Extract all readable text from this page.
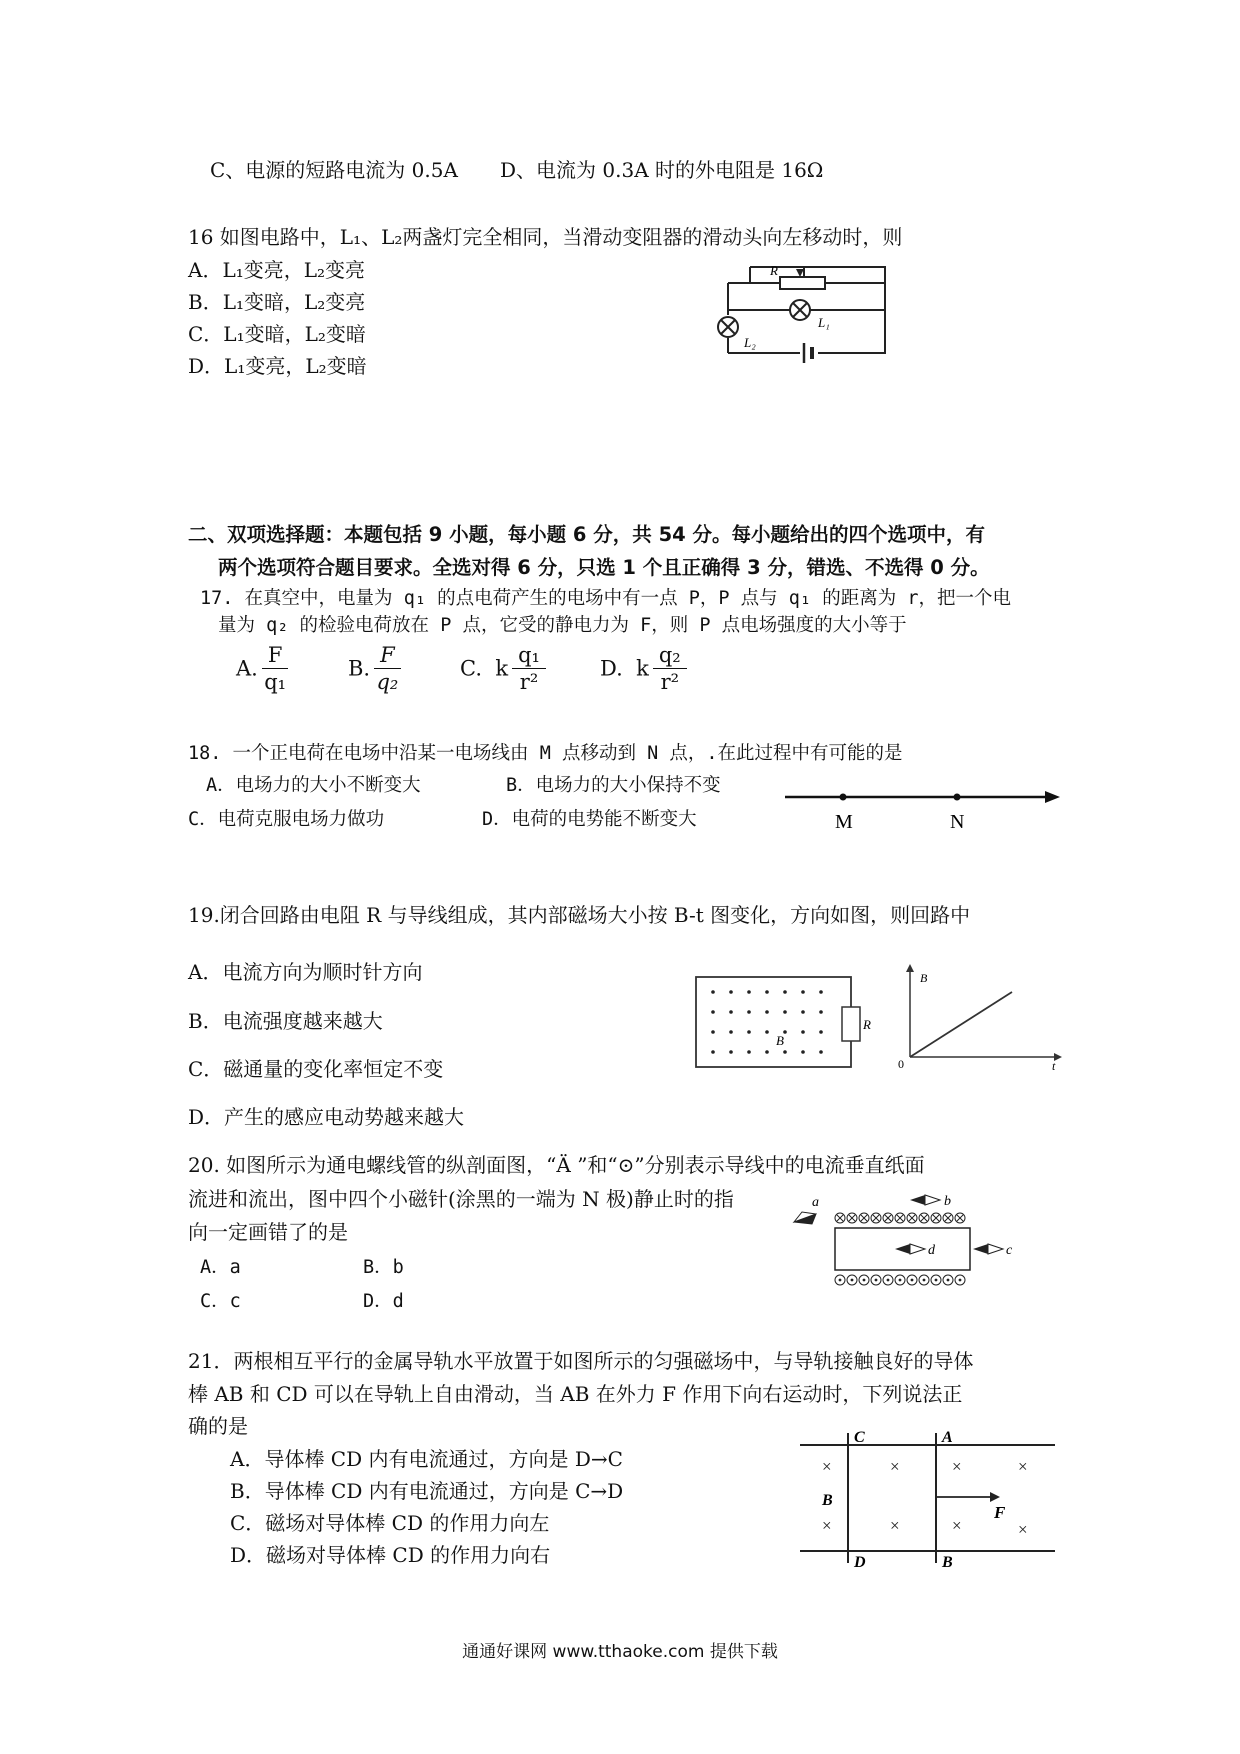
C、电源的短路电流为 0.5A D、电流为 0.3A 时的外电阻是 16Ω
16 如图电路中，L₁、L₂两盏灯完全相同，当滑动变阻器的滑动头向左移动时，则
A．L₁变亮，L₂变亮
B．L₁变暗，L₂变亮
C．L₁变暗，L₂变暗
D．L₁变亮，L₂变暗
R
L₁
L₂
二、双项选择题：本题包括 9 小题，每小题 6 分，共 54 分。每小题给出的四个选项中，有
两个选项符合题目要求。全选对得 6 分，只选 1 个且正确得 3 分，错选、不选得 0 分。
17. 在真空中，电量为 q₁ 的点电荷产生的电场中有一点 P，P 点与 q₁ 的距离为 r，把一个电
量为 q₂ 的检验电荷放在 P 点，它受的静电力为 F，则 P 点电场强度的大小等于
A. $\frac{F}{\text{q₁}}$	B. $\frac{F}{\text{q₂}}$	C. k $\frac{\text{q₁}}{\text{r²}}$	D. k $\frac{\text{q₂}}{\text{r²}}$
18. 一个正电荷在电场中沿某一电场线由 M 点移动到 N 点，.在此过程中有可能的是
A．电场力的大小不断变大	B．电场力的大小保持不变
C．电荷克服电场力做功	D．电荷的电势能不断变大	M	N
19.闭合回路由电阻 R 与导线组成，其内部磁场大小按 B-t 图变化，方向如图，则回路中
A．电流方向为顺时针方向
B．电流强度越来越大
C．磁通量的变化率恒定不变
D．产生的感应电动势越来越大
R
B
B
t
0
20. 如图所示为通电螺线管的纵剖面图，“Ä ”和“⊙”分别表示导线中的电流垂直纸面
流进和流出，图中四个小磁针(涂黑的一端为 N 极)静止时的指
向一定画错了的是
A．a	B．b
C．c	D．d
a	b
d	c
21．两根相互平行的金属导轨水平放置于如图所示的匀强磁场中，与导轨接触良好的导体
棒 AB 和 CD 可以在导轨上自由滑动，当 AB 在外力 F 作用下向右运动时，下列说法正
确的是
A．导体棒 CD 内有电流通过，方向是 D→C
B．导体棒 CD 内有电流通过，方向是 C→D
C．磁场对导体棒 CD 的作用力向左
D．磁场对导体棒 CD 的作用力向右
×	×	×	×
×	×	×	×
C	A
D	B
B
F
通通好课网 www.tthaoke.com 提供下载
